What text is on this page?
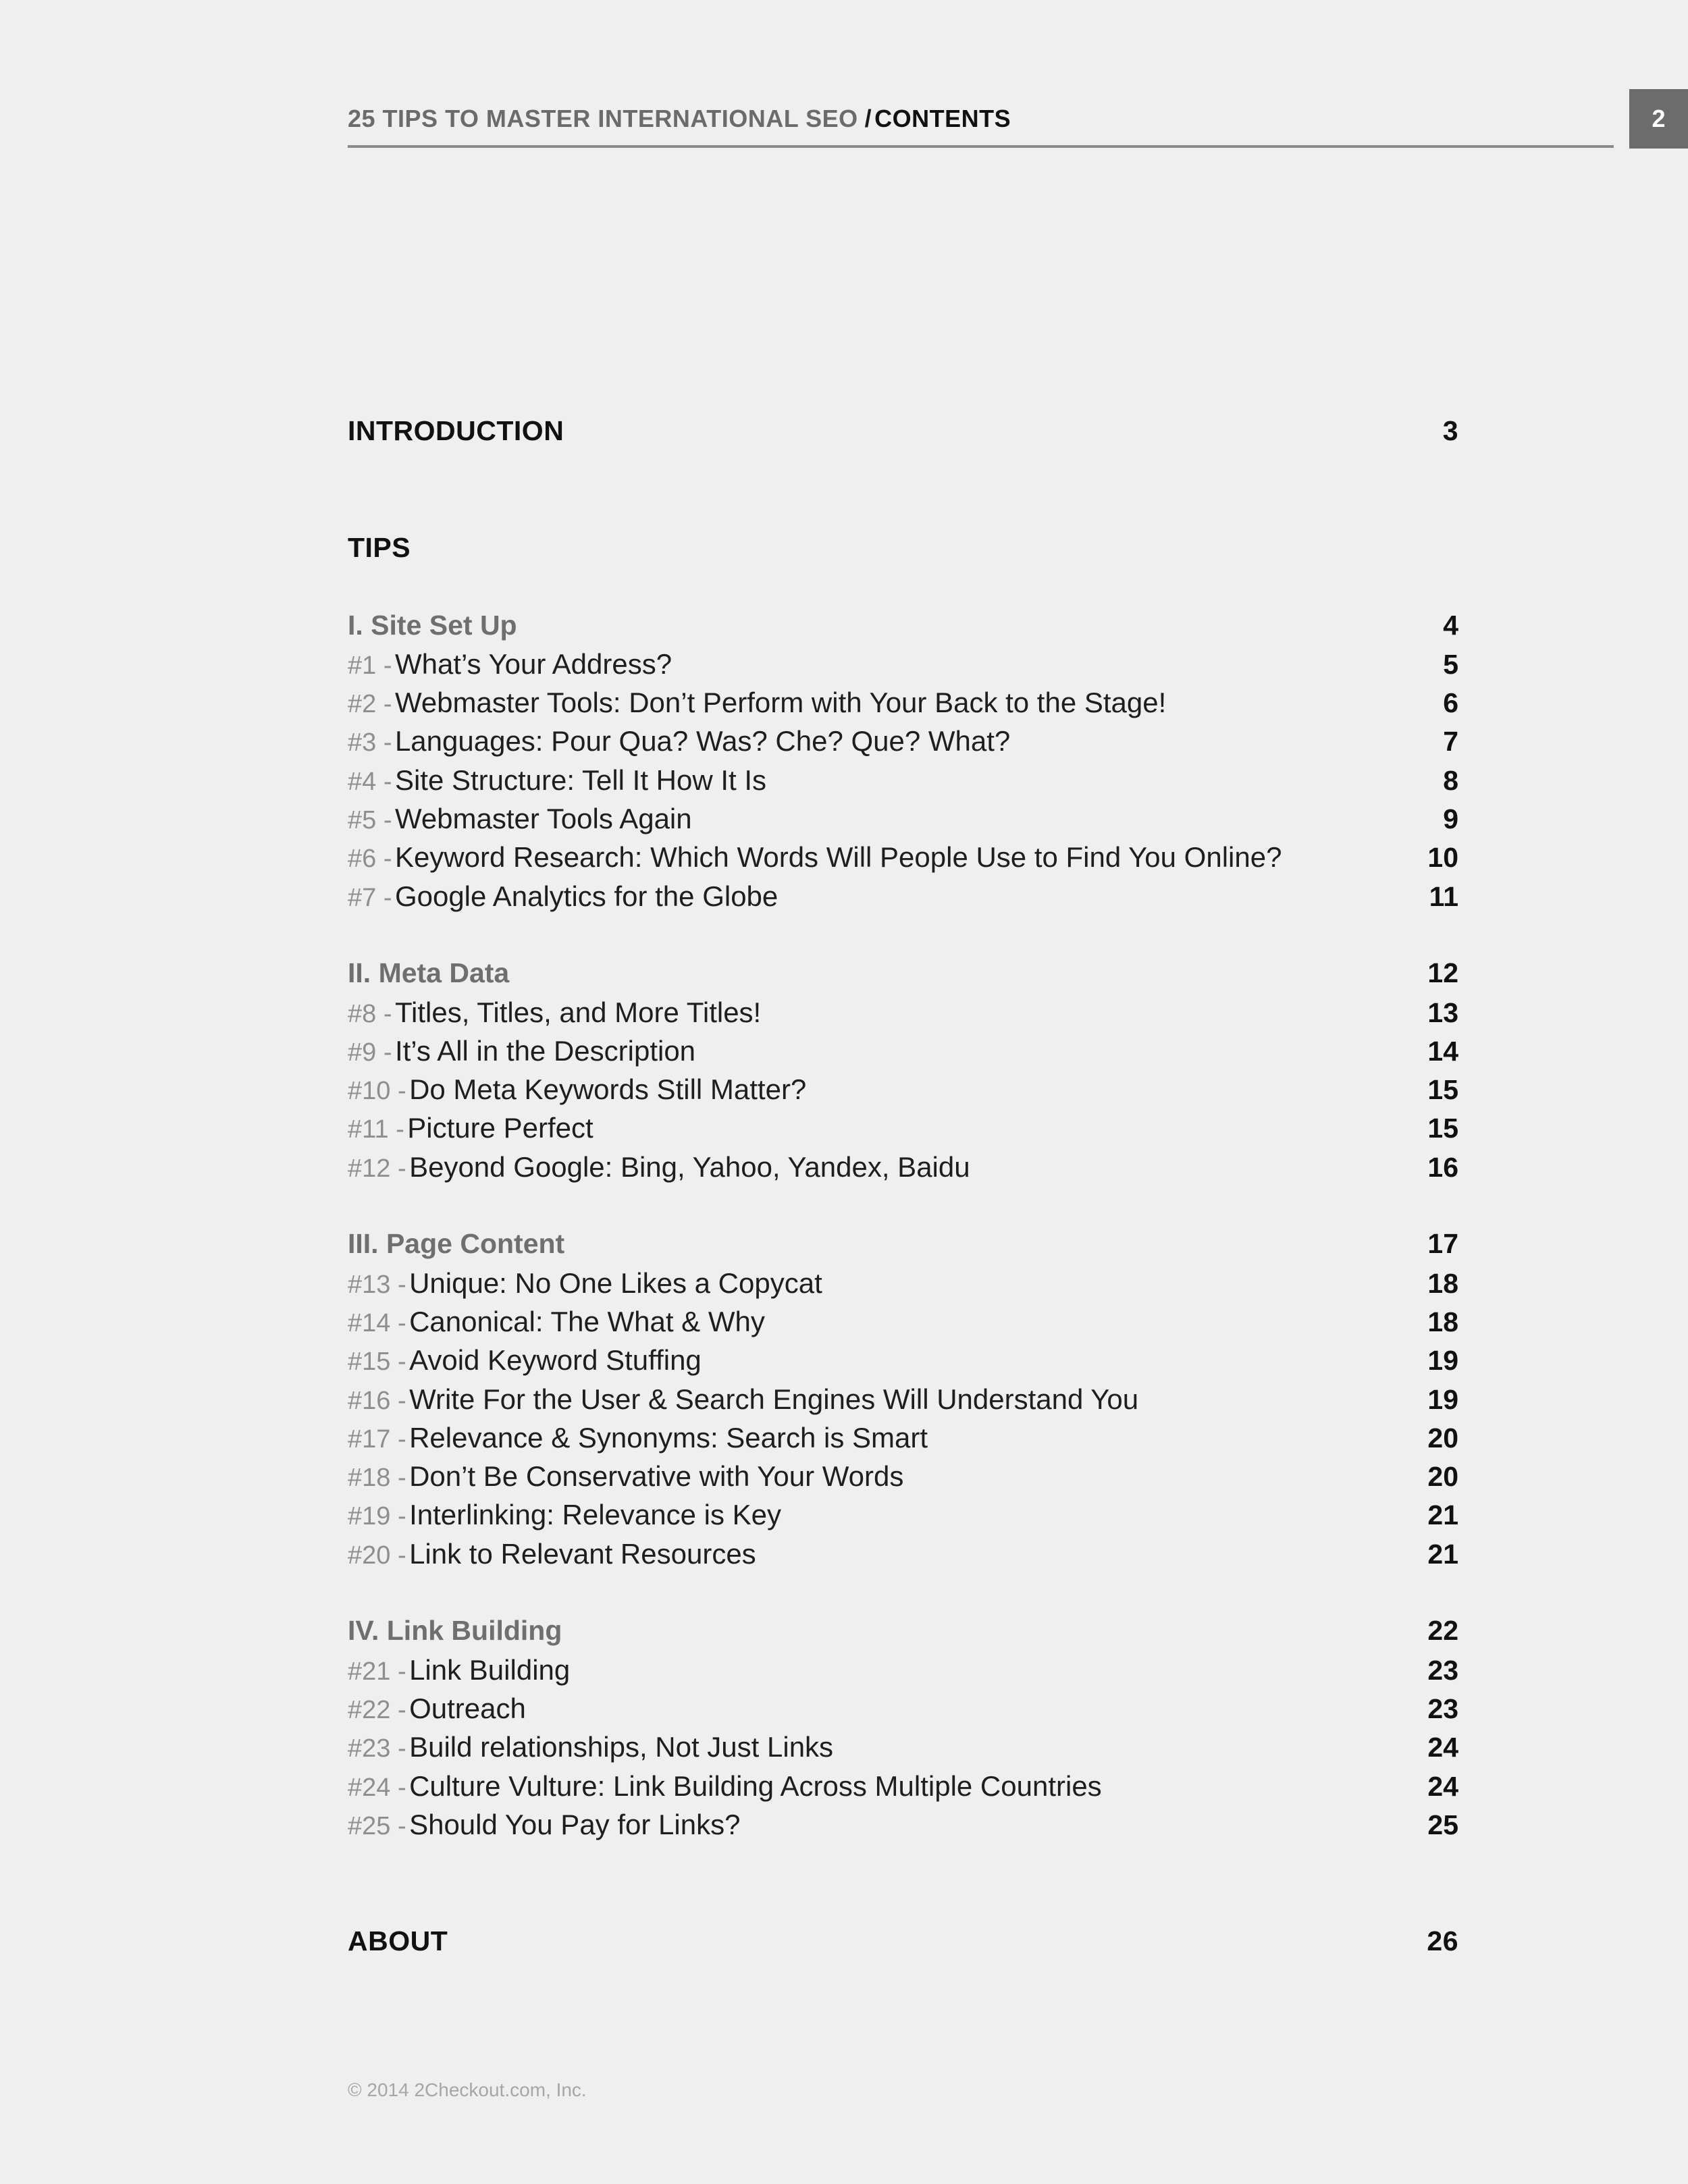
25 TIPS TO MASTER INTERNATIONAL SEO / CONTENTS	2
INTRODUCTION	3
TIPS
I. Site Set Up	4
#1 - What’s Your Address?	5
#2 - Webmaster Tools: Don’t Perform with Your Back to the Stage!	6
#3 - Languages: Pour Qua? Was? Che? Que? What?	7
#4 - Site Structure: Tell It How It Is	8
#5 - Webmaster Tools Again	9
#6 - Keyword Research: Which Words Will People Use to Find You Online?	10
#7 - Google Analytics for the Globe	11
II. Meta Data	12
#8 - Titles, Titles, and More Titles!	13
#9 - It’s All in the Description	14
#10 - Do Meta Keywords Still Matter?	15
#11 - Picture Perfect	15
#12 - Beyond Google: Bing, Yahoo, Yandex, Baidu	16
III. Page Content	17
#13 - Unique: No One Likes a Copycat	18
#14 - Canonical: The What & Why	18
#15 - Avoid Keyword Stuffing	19
#16 - Write For the User & Search Engines Will Understand You	19
#17 - Relevance & Synonyms: Search is Smart	20
#18 - Don’t Be Conservative with Your Words	20
#19 - Interlinking: Relevance is Key	21
#20 - Link to Relevant Resources	21
IV. Link Building	22
#21 - Link Building	23
#22 - Outreach	23
#23 - Build relationships, Not Just Links	24
#24 - Culture Vulture: Link Building Across Multiple Countries	24
#25 - Should You Pay for Links?	25
ABOUT	26
© 2014 2Checkout.com, Inc.
